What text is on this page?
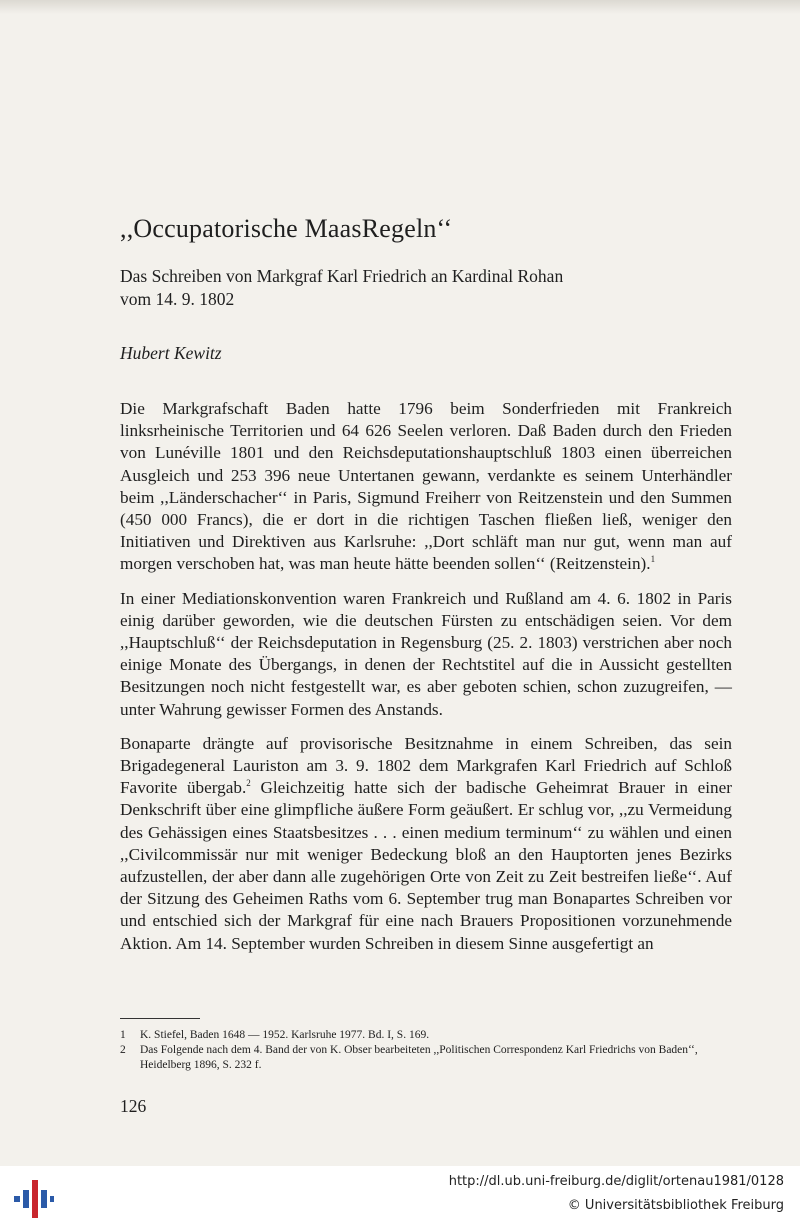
,,Occupatorische MaasRegeln‘‘
Das Schreiben von Markgraf Karl Friedrich an Kardinal Rohan
vom 14. 9. 1802
Hubert Kewitz

Die Markgrafschaft Baden hatte 1796 beim Sonderfrieden mit Frankreich linksrheinische Territorien und 64 626 Seelen verloren. Daß Baden durch den Frieden von Lunéville 1801 und den Reichsdeputationshauptschluß 1803 einen überreichen Ausgleich und 253 396 neue Untertanen gewann, verdankte es seinem Unterhändler beim ,,Länderschacher‘‘ in Paris, Sigmund Freiherr von Reitzenstein und den Summen (450 000 Francs), die er dort in die richtigen Taschen fließen ließ, weniger den Initiativen und Direktiven aus Karlsruhe: ,,Dort schläft man nur gut, wenn man auf morgen verschoben hat, was man heute hätte beenden sollen‘‘ (Reitzenstein).$^1$

In einer Mediationskonvention waren Frankreich und Rußland am 4. 6. 1802 in Paris einig darüber geworden, wie die deutschen Fürsten zu entschädigen seien. Vor dem ,,Hauptschluß‘‘ der Reichsdeputation in Regensburg (25. 2. 1803) verstrichen aber noch einige Monate des Übergangs, in denen der Rechtstitel auf die in Aussicht gestellten Besitzungen noch nicht festgestellt war, es aber geboten schien, schon zuzugreifen, — unter Wahrung gewisser Formen des Anstands.

Bonaparte drängte auf provisorische Besitznahme in einem Schreiben, das sein Brigadegeneral Lauriston am 3. 9. 1802 dem Markgrafen Karl Friedrich auf Schloß Favorite übergab.$^2$ Gleichzeitig hatte sich der badische Geheimrat Brauer in einer Denkschrift über eine glimpfliche äußere Form geäußert. Er schlug vor, ,,zu Vermeidung des Gehässigen eines Staatsbesitzes . . . einen medium terminum‘‘ zu wählen und einen ,,Civilcommissär nur mit weniger Bedeckung bloß an den Hauptorten jenes Bezirks aufzustellen, der aber dann alle zugehörigen Orte von Zeit zu Zeit bestreifen ließe‘‘. Auf der Sitzung des Geheimen Raths vom 6. September trug man Bonapartes Schreiben vor und entschied sich der Markgraf für eine nach Brauers Propositionen vorzunehmende Aktion. Am 14. September wurden Schreiben in diesem Sinne ausgefertigt an

1	K. Stiefel, Baden 1648 — 1952. Karlsruhe 1977. Bd. I, S. 169.
2	Das Folgende nach dem 4. Band der von K. Obser bearbeiteten ,,Politischen Correspondenz Karl Friedrichs von Baden‘‘, Heidelberg 1896, S. 232 f.
126
http://dl.ub.uni-freiburg.de/diglit/ortenau1981/0128
© Universitätsbibliothek Freiburg
